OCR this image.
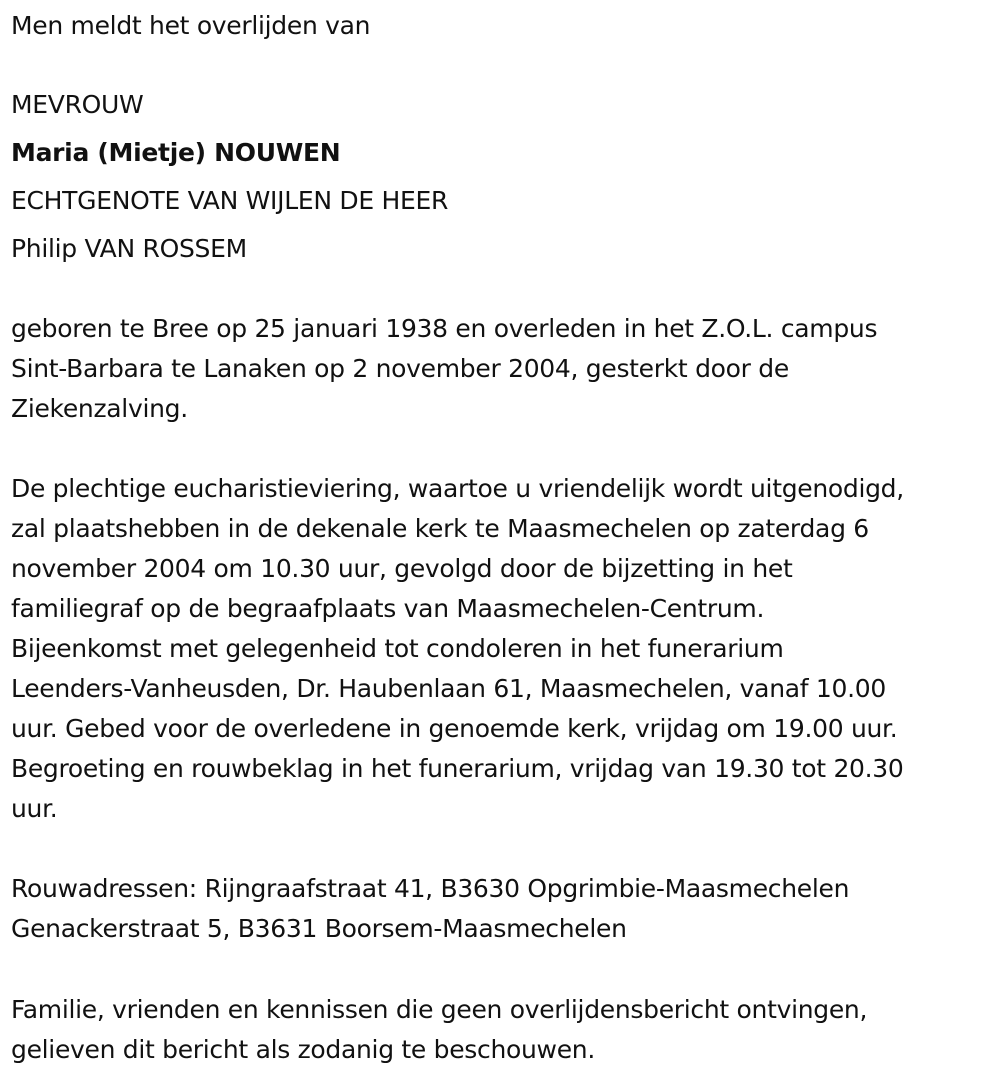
Men meldt het overlijden van
MEVROUW
Maria (Mietje) NOUWEN
ECHTGENOTE VAN WIJLEN DE HEER
Philip VAN ROSSEM
geboren te Bree op 25 januari 1938 en overleden in het Z.O.L. campus
Sint-Barbara te Lanaken op 2 november 2004, gesterkt door de
Ziekenzalving.
De plechtige eucharistieviering, waartoe u vriendelijk wordt uitgenodigd,
zal plaatshebben in de dekenale kerk te Maasmechelen op zaterdag 6
november 2004 om 10.30 uur, gevolgd door de bijzetting in het
familiegraf op de begraafplaats van Maasmechelen-Centrum.
Bijeenkomst met gelegenheid tot condoleren in het funerarium
Leenders-Vanheusden, Dr. Haubenlaan 61, Maasmechelen, vanaf 10.00
uur. Gebed voor de overledene in genoemde kerk, vrijdag om 19.00 uur.
Begroeting en rouwbeklag in het funerarium, vrijdag van 19.30 tot 20.30
uur.
Rouwadressen: Rijngraafstraat 41, B3630 Opgrimbie-Maasmechelen
Genackerstraat 5, B3631 Boorsem-Maasmechelen
Familie, vrienden en kennissen die geen overlijdensbericht ontvingen,
gelieven dit bericht als zodanig te beschouwen.
